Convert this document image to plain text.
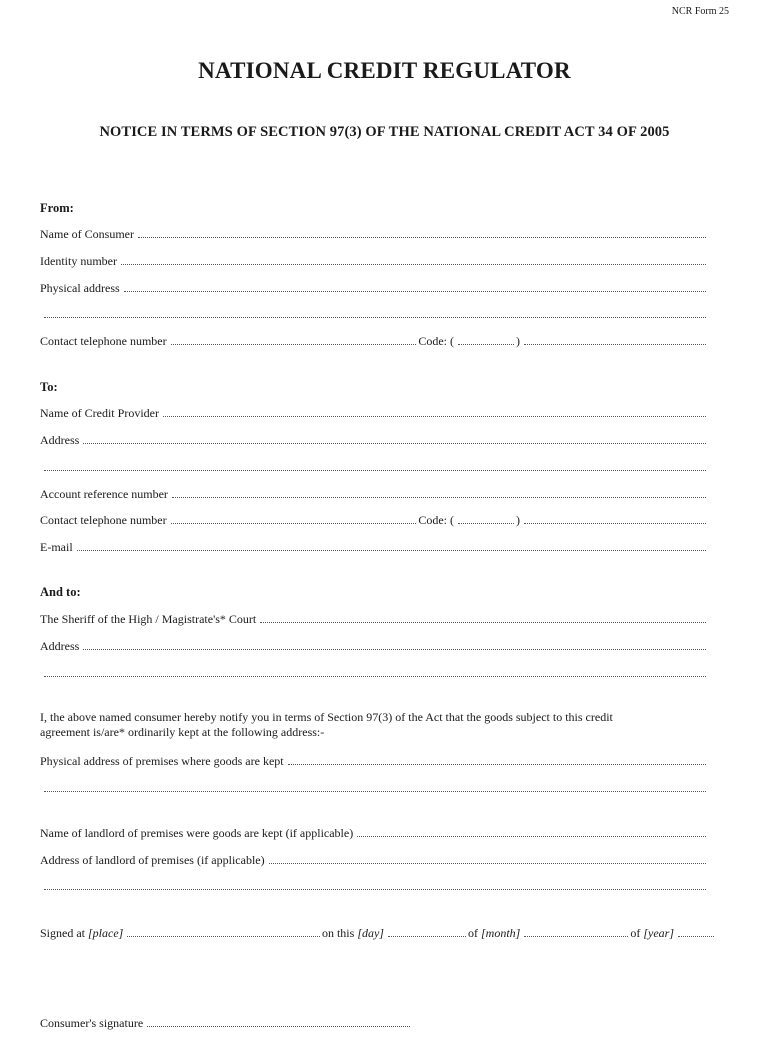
NCR Form 25
NATIONAL CREDIT REGULATOR
NOTICE IN TERMS OF SECTION 97(3) OF THE NATIONAL CREDIT ACT 34 OF 2005
From:
Name of Consumer
Identity number
Physical address
Contact telephone number	Code: (	)
To:
Name of Credit Provider
Address
Account reference number
Contact telephone number	Code: (	)
E-mail
And to:
The Sheriff of the High / Magistrate's* Court
Address
I, the above named consumer hereby notify you in terms of Section 97(3) of the Act that the goods subject to this credit
agreement is/are* ordinarily kept at the following address:-
Physical address of premises where goods are kept
Name of landlord of premises were goods are kept (if applicable)
Address of landlord of premises (if applicable)
Signed at
[place]	on this
[day]	of
[month]	of
[year]
Consumer's signature
